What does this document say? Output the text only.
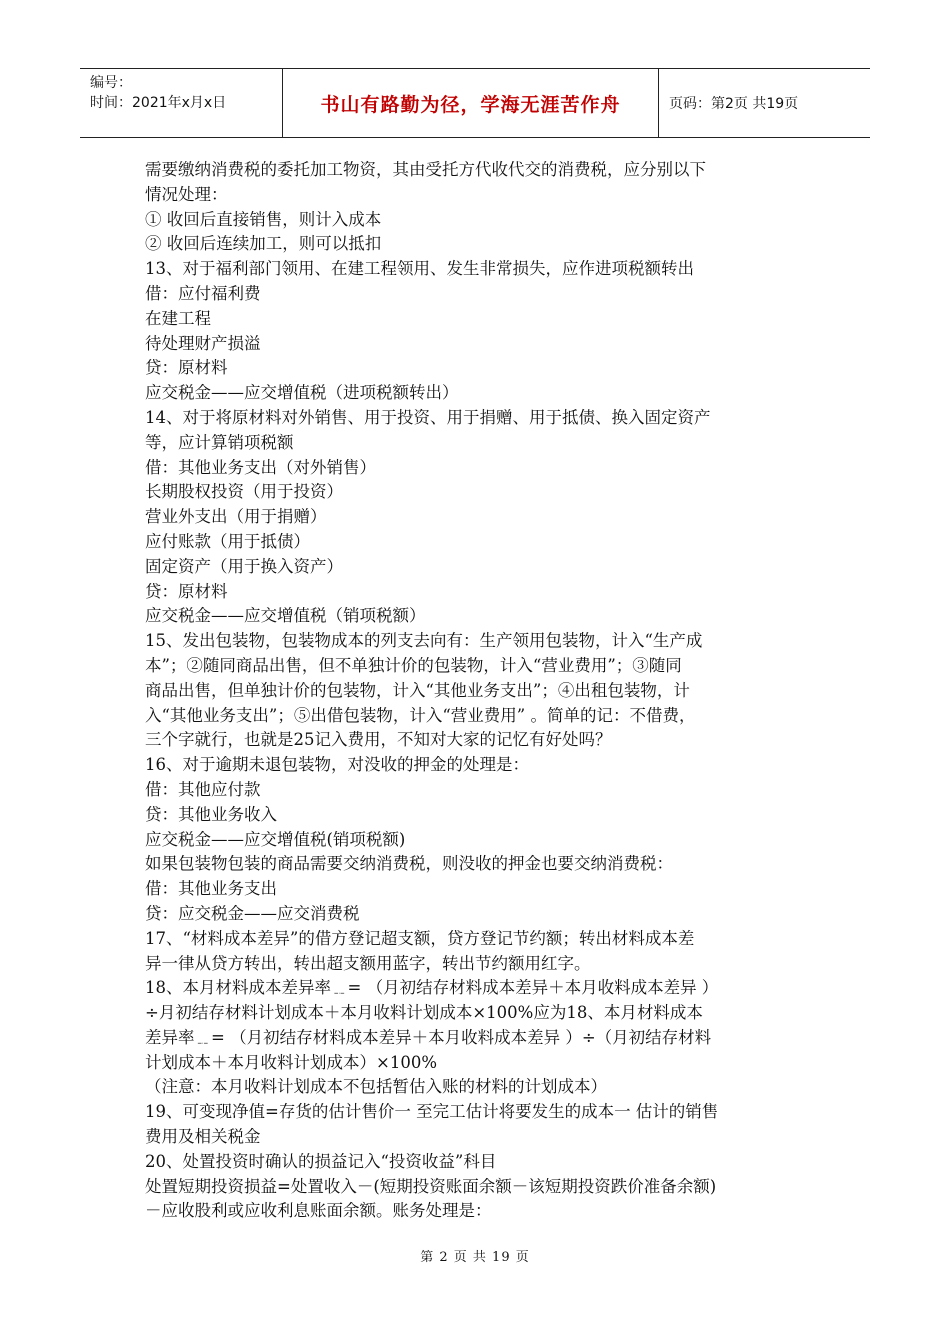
编号：
时间：2021年x月x日	书山有路勤为径，学海无涯苦作舟	页码：第2页 共19页
需要缴纳消费税的委托加工物资，其由受托方代收代交的消费税，应分别以下
情况处理：
① 收回后直接销售，则计入成本
② 收回后连续加工，则可以抵扣
13、对于福利部门领用、在建工程领用、发生非常损失，应作进项税额转出
借：应付福利费
在建工程
待处理财产损溢
贷：原材料
应交税金——应交增值税（进项税额转出）
14、对于将原材料对外销售、用于投资、用于捐赠、用于抵债、换入固定资产
等，应计算销项税额
借：其他业务支出（对外销售）
长期股权投资（用于投资）
营业外支出（用于捐赠）
应付账款（用于抵债）
固定资产（用于换入资产）
贷：原材料
应交税金——应交增值税（销项税额）
15、发出包装物，包装物成本的列支去向有：生产领用包装物，计入“生产成
本”；②随同商品出售，但不单独计价的包装物，计入“营业费用”；③随同
商品出售，但单独计价的包装物，计入“其他业务支出”；④出租包装物，计
入“其他业务支出”；⑤出借包装物，计入“营业费用” 。简单的记：不借费，
三个字就行，也就是25记入费用，不知对大家的记忆有好处吗？
16、对于逾期未退包装物，对没收的押金的处理是：
借：其他应付款
贷：其他业务收入
应交税金——应交增值税(销项税额)
如果包装物包装的商品需要交纳消费税，则没收的押金也要交纳消费税：
借：其他业务支出
贷：应交税金——应交消费税
17、“材料成本差异”的借方登记超支额，贷方登记节约额；转出材料成本差
异一律从贷方转出，转出超支额用蓝字，转出节约额用红字。
18、本月材料成本差异率﹎= （月初结存材料成本差异＋本月收料成本差异 ）
÷月初结存材料计划成本＋本月收料计划成本×100%应为18、本月材料成本
差异率﹎= （月初结存材料成本差异＋本月收料成本差异 ）÷（月初结存材料
计划成本＋本月收料计划成本）×100%
（注意：本月收料计划成本不包括暂估入账的材料的计划成本）
19、可变现净值=存货的估计售价一 至完工估计将要发生的成本一 估计的销售
费用及相关税金
20、处置投资时确认的损益记入“投资收益”科目
处置短期投资损益=处置收入－(短期投资账面余额－该短期投资跌价准备余额)
－应收股利或应收利息账面余额。账务处理是：
第 2 页 共 19 页
